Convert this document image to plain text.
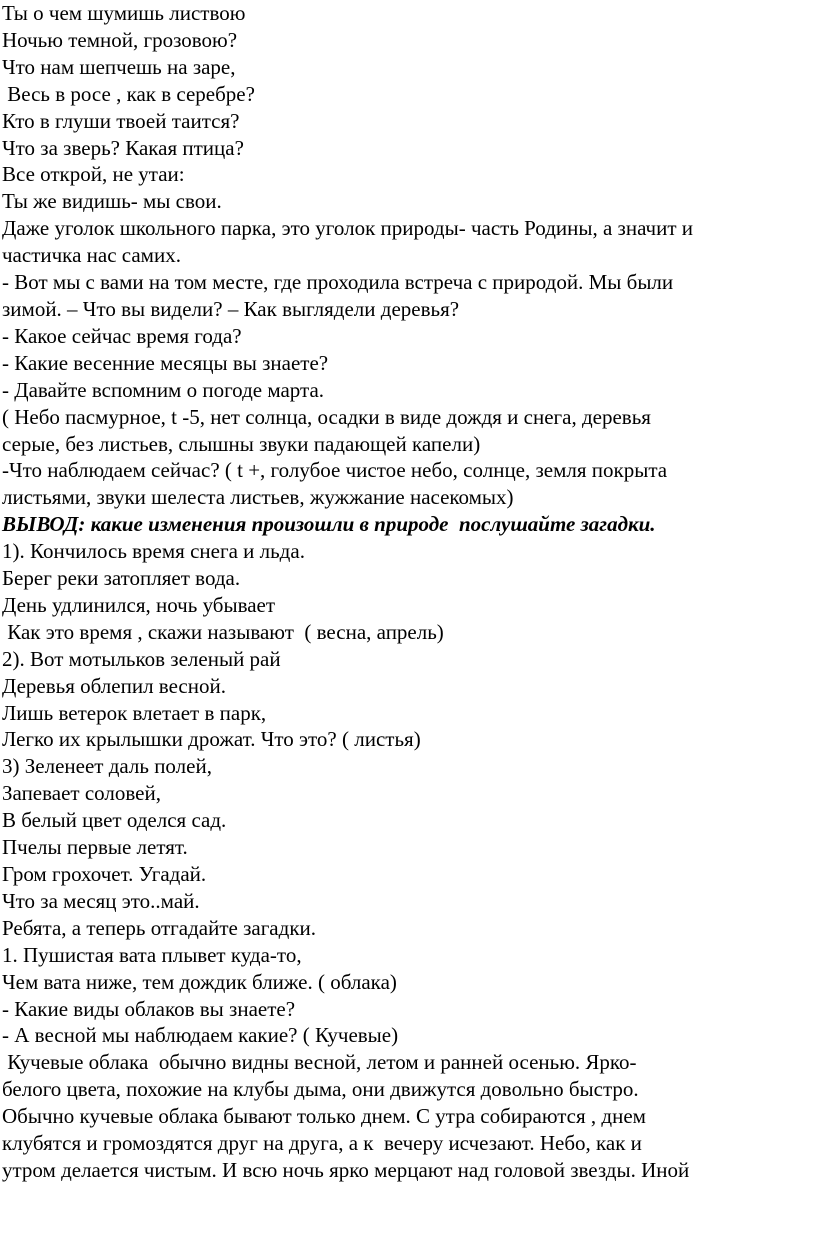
Ты о чем шумишь листвою

Ночью темной, грозовою?

Что нам шепчешь на заре,

Весь в росе , как в серебре?

Кто в глуши твоей таится?

Что за зверь? Какая птица?

Все открой, не утаи:

Ты же видишь- мы свои.

Даже уголок школьного парка, это уголок природы- часть Родины, а значит и

частичка нас самих.

- Вот мы с вами на том месте, где проходила встреча с природой. Мы были

зимой. – Что вы видели? – Как выглядели деревья?

- Какое сейчас время года?

- Какие весенние месяцы вы знаете?

- Давайте вспомним о погоде марта.

( Небо пасмурное, t -5, нет солнца, осадки в виде дождя и снега, деревья

серые, без листьев, слышны звуки падающей капели)

-Что наблюдаем сейчас? ( t +, голубое чистое небо, солнце, земля покрыта

листьями, звуки шелеста листьев, жужжание насекомых)

ВЫВОД: какие изменения произошли в природе  послушайте загадки.

1). Кончилось время снега и льда.

Берег реки затопляет вода.

День удлинился, ночь убывает

Как это время , скажи называют  ( весна, апрель)

2). Вот мотыльков зеленый рай

Деревья облепил весной.

Лишь ветерок влетает в парк,

Легко их крылышки дрожат. Что это? ( листья)

3) Зеленеет даль полей,

Запевает соловей,

В белый цвет оделся сад.

Пчелы первые летят.

Гром грохочет. Угадай.

Что за месяц это..май.

Ребята, а теперь отгадайте загадки.

1. Пушистая вата плывет куда-то,

Чем вата ниже, тем дождик ближе. ( облака)

- Какие виды облаков вы знаете?

- А весной мы наблюдаем какие? ( Кучевые)

Кучевые облака  обычно видны весной, летом и ранней осенью. Ярко-

белого цвета, похожие на клубы дыма, они движутся довольно быстро.

Обычно кучевые облака бывают только днем. С утра собираются , днем

клубятся и громоздятся друг на друга, а к  вечеру исчезают. Небо, как и

утром делается чистым. И всю ночь ярко мерцают над головой звезды. Иной
